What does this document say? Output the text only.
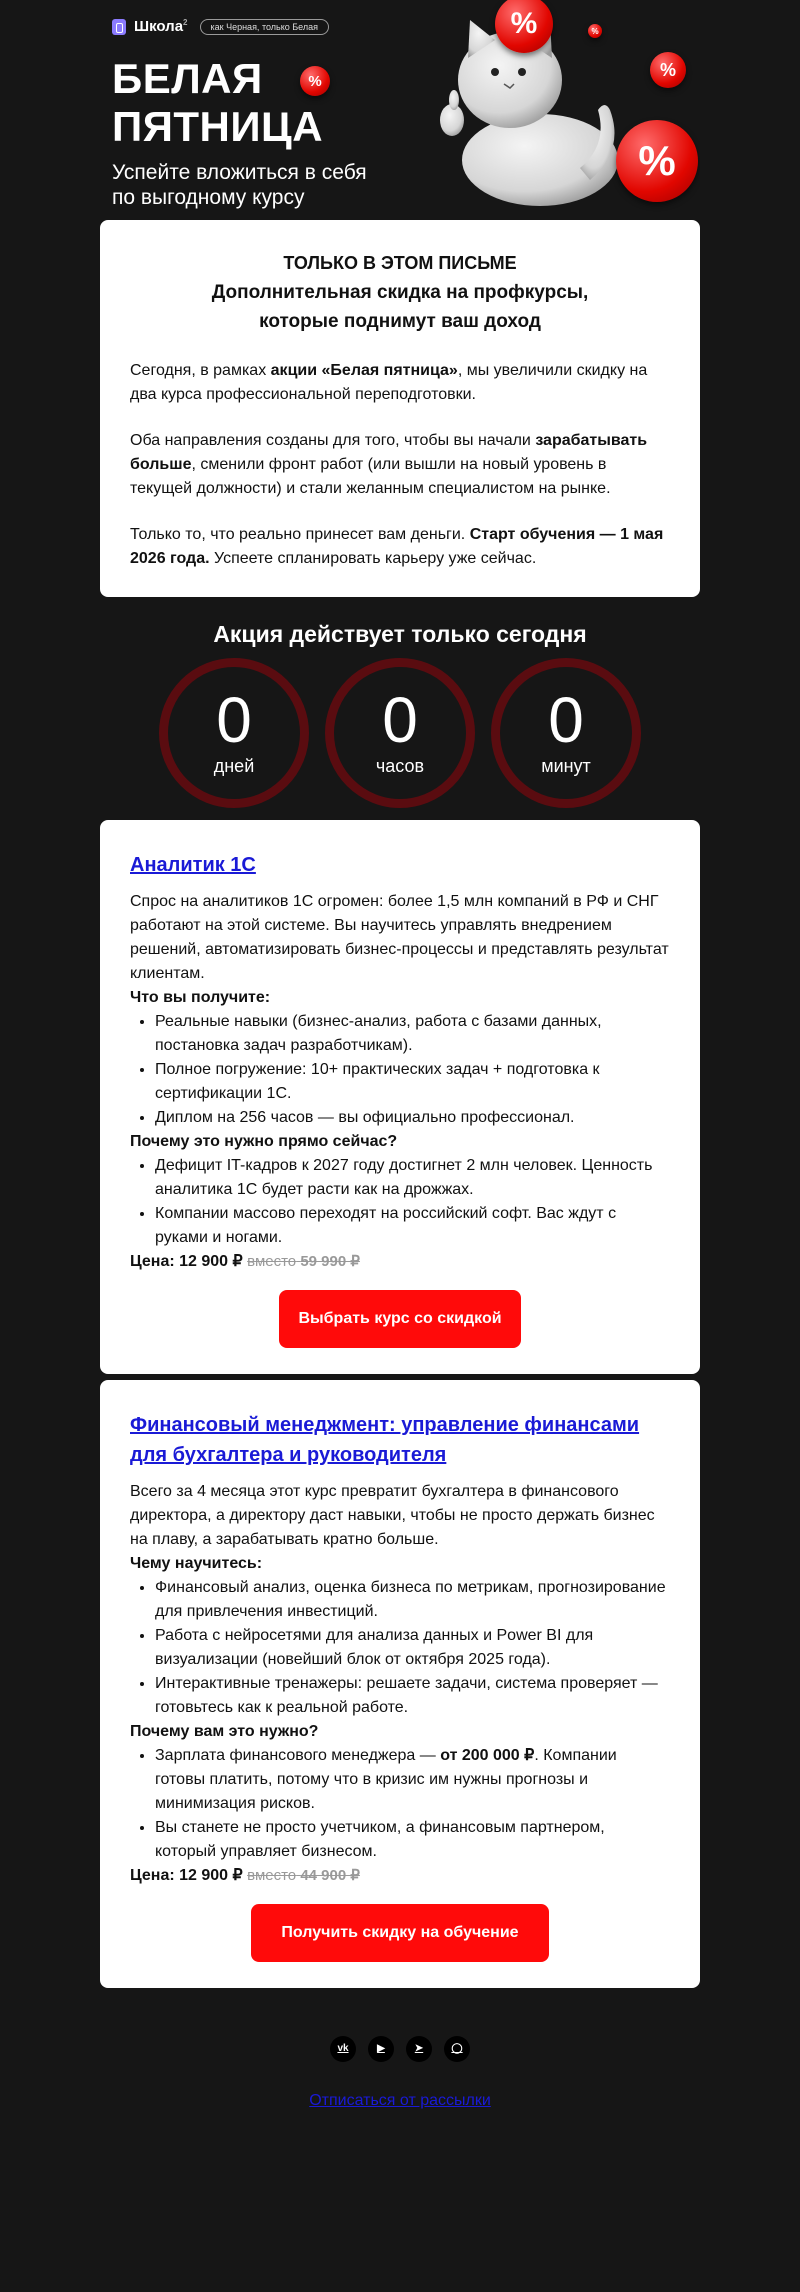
Школа$^2$	как Черная, только Белая
БЕЛАЯ
ПЯТНИЦА
Успейте вложиться в себя
по выгодному курсу
%
%
%
%
%
ТОЛЬКО В ЭТОМ ПИСЬМЕ
Дополнительная скидка на профкурсы,
которые поднимут ваш доход

Сегодня, в рамках акции «Белая пятница», мы увеличили скидку на два курса профессиональной переподготовки.

Оба направления созданы для того, чтобы вы начали зарабатывать больше, сменили фронт работ (или вышли на новый уровень в текущей должности) и стали желанным специалистом на рынке.

Только то, что реально принесет вам деньги. Старт обучения — 1 мая 2026 года. Успеете спланировать карьеру уже сейчас.

Акция действует только сегодня
0
дней
0
часов
0
минут
Аналитик 1С

Спрос на аналитиков 1С огромен: более 1,5 млн компаний в РФ и СНГ работают на этой системе. Вы научитесь управлять внедрением решений, автоматизировать бизнес-процессы и представлять результат клиентам.

Что вы получите:

• Реальные навыки (бизнес-анализ, работа с базами данных, постановка задач разработчикам).
• Полное погружение: 10+ практических задач + подготовка к сертификации 1С.
• Диплом на 256 часов — вы официально профессионал.

Почему это нужно прямо сейчас?

• Дефицит IT-кадров к 2027 году достигнет 2 млн человек. Ценность аналитика 1С будет расти как на дрожжах.
• Компании массово переходят на российский софт. Вас ждут с руками и ногами.

Цена: 12 900 ₽ вместо 59 990 ₽

Выбрать курс со скидкой
Финансовый менеджмент: управление финансами для бухгалтера и руководителя

Всего за 4 месяца этот курс превратит бухгалтера в финансового директора, а директору даст навыки, чтобы не просто держать бизнес на плаву, а зарабатывать кратно больше.

Чему научитесь:

• Финансовый анализ, оценка бизнеса по метрикам, прогнозирование для привлечения инвестиций.
• Работа с нейросетями для анализа данных и Power BI для визуализации (новейший блок от октября 2025 года).
• Интерактивные тренажеры: решаете задачи, система проверяет — готовьтесь как к реальной работе.

Почему вам это нужно?

• Зарплата финансового менеджера — от 200 000 ₽. Компании готовы платить, потому что в кризис им нужны прогнозы и минимизация рисков.
• Вы станете не просто учетчиком, а финансовым партнером, который управляет бизнесом.

Цена: 12 900 ₽ вместо 44 900 ₽

Получить скидку на обучение
vk	▶	➤	◯
Отписаться от рассылки
